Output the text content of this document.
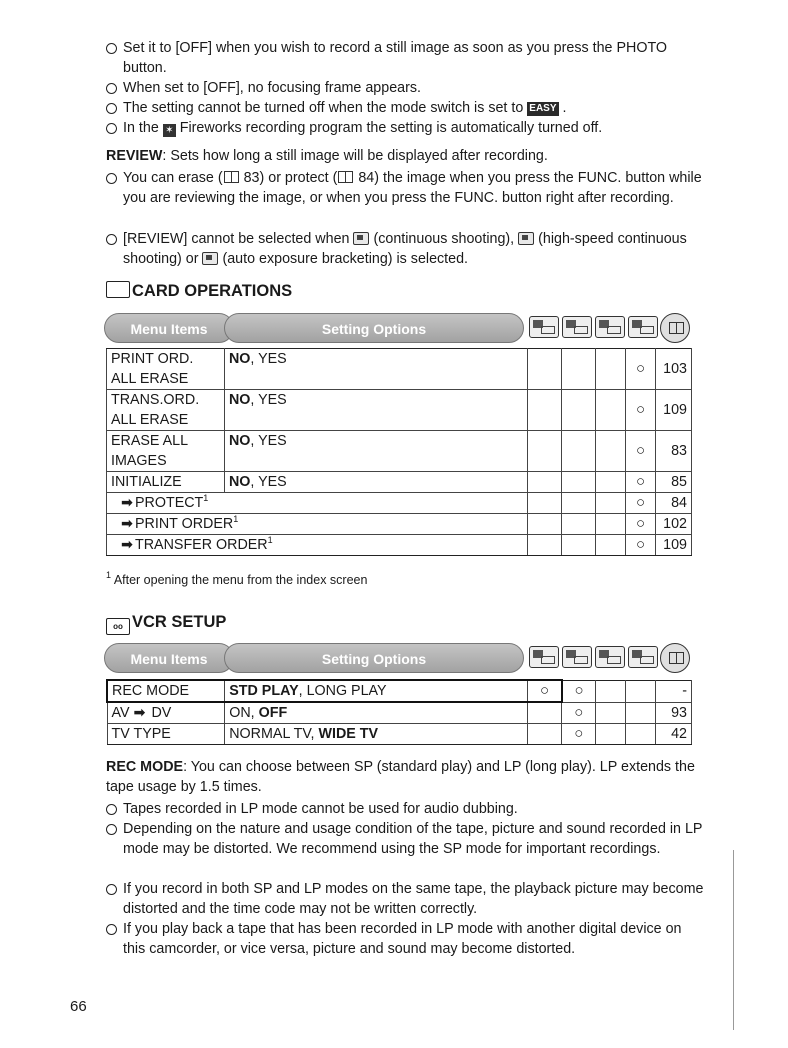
Set it to [OFF] when you wish to record a still image as soon as you press the PHOTO button.
When set to [OFF], no focusing frame appears.
The setting cannot be turned off when the mode switch is set to EASY .
In the ✶ Fireworks recording program the setting is automatically turned off.
REVIEW: Sets how long a still image will be displayed after recording.
You can erase ( 83) or protect ( 84) the image when you press the FUNC. button while you are reviewing the image, or when you press the FUNC. button right after recording.
[REVIEW] cannot be selected when (continuous shooting), (high-speed continuous shooting) or (auto exposure bracketing) is selected.
CARD OPERATIONS
Menu Items	Setting Options
PRINT ORD.
ALL ERASE	NO, YES				○	103
TRANS.ORD.
ALL ERASE	NO, YES				○	109
ERASE ALL
IMAGES	NO, YES				○	83
INITIALIZE	NO, YES				○	85
➡ PROTECT$^1$					○	84
➡ PRINT ORDER$^1$					○	102
➡ TRANSFER ORDER$^1$					○	109
$^1$ After opening the menu from the index screen
oo VCR SETUP
Menu Items	Setting Options
REC MODE	STD PLAY, LONG PLAY	○	○			-
AV ➡ DV	ON, OFF		○			93
TV TYPE	NORMAL TV, WIDE TV		○			42
REC MODE: You can choose between SP (standard play) and LP (long play). LP extends the tape usage by 1.5 times.
Tapes recorded in LP mode cannot be used for audio dubbing.
Depending on the nature and usage condition of the tape, picture and sound recorded in LP mode may be distorted. We recommend using the SP mode for important recordings.
If you record in both SP and LP modes on the same tape, the playback picture may become distorted and the time code may not be written correctly.
If you play back a tape that has been recorded in LP mode with another digital device on this camcorder, or vice versa, picture and sound may become distorted.
66
